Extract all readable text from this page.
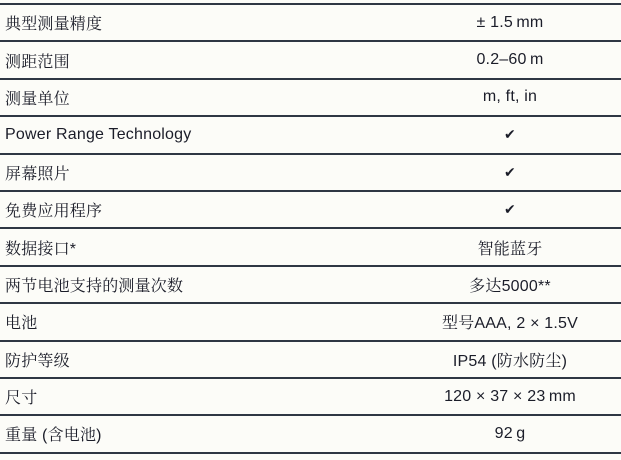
典型测量精度	± 1.5 mm
测距范围	0.2–60 m
测量单位	m, ft, in
Power Range Technology	✔
屏幕照片	✔
免费应用程序	✔
数据接口*	智能蓝牙
两节电池支持的测量次数	多达5000**
电池	型号AAA, 2 × 1.5V
防护等级	IP54 (防水防尘)
尺寸	120 × 37 × 23 mm
重量 (含电池)	92 g
